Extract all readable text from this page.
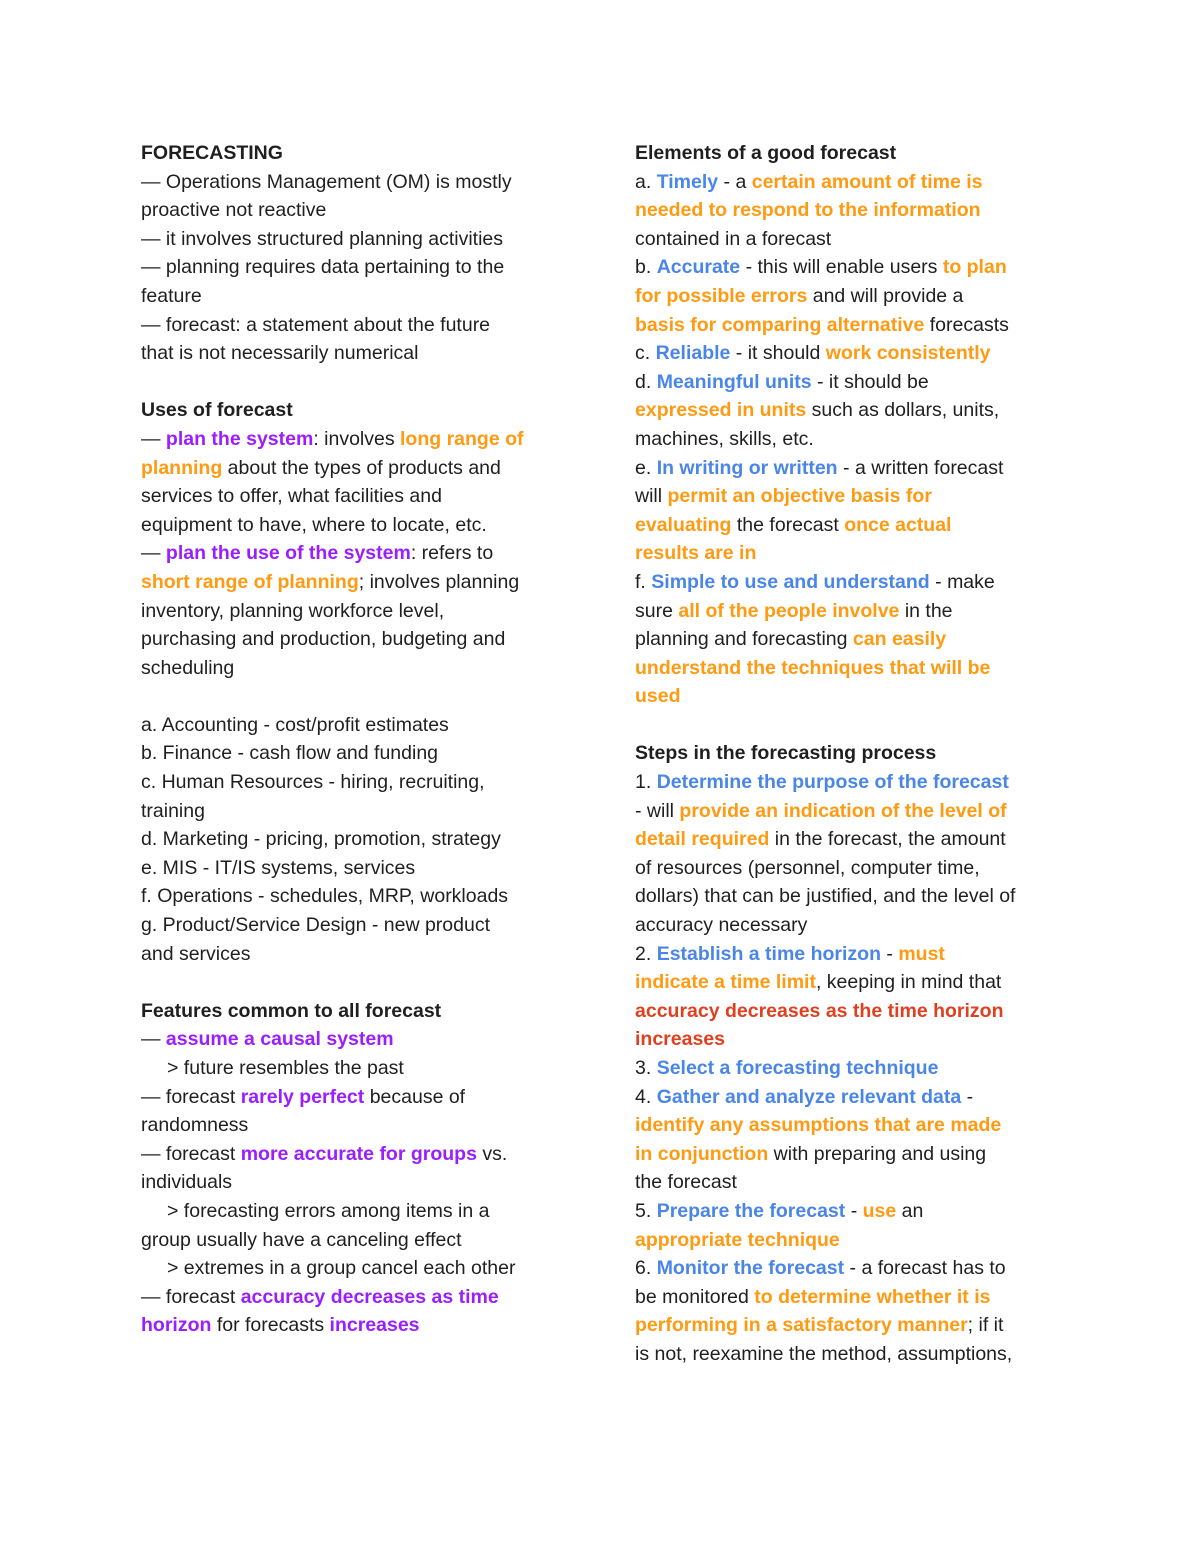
FORECASTING

— Operations Management (OM) is mostly

proactive not reactive

— it involves structured planning activities

— planning requires data pertaining to the

feature

— forecast: a statement about the future

that is not necessarily numerical

Uses of forecast

— plan the system: involves long range of

planning about the types of products and

services to offer, what facilities and

equipment to have, where to locate, etc.

— plan the use of the system: refers to

short range of planning; involves planning

inventory, planning workforce level,

purchasing and production, budgeting and

scheduling

a. Accounting - cost/profit estimates

b. Finance - cash flow and funding

c. Human Resources - hiring, recruiting,

training

d. Marketing - pricing, promotion, strategy

e. MIS - IT/IS systems, services

f. Operations - schedules, MRP, workloads

g. Product/Service Design - new product

and services

Features common to all forecast

— assume a causal system

> future resembles the past

— forecast rarely perfect because of

randomness

— forecast more accurate for groups vs.

individuals

> forecasting errors among items in a

group usually have a canceling effect

> extremes in a group cancel each other

— forecast accuracy decreases as time

horizon for forecasts increases

Elements of a good forecast

a. Timely - a certain amount of time is

needed to respond to the information

contained in a forecast

b. Accurate - this will enable users to plan

for possible errors and will provide a

basis for comparing alternative forecasts

c. Reliable - it should work consistently

d. Meaningful units - it should be

expressed in units such as dollars, units,

machines, skills, etc.

e. In writing or written - a written forecast

will permit an objective basis for

evaluating the forecast once actual

results are in

f. Simple to use and understand - make

sure all of the people involve in the

planning and forecasting can easily

understand the techniques that will be

used

Steps in the forecasting process

1. Determine the purpose of the forecast

- will provide an indication of the level of

detail required in the forecast, the amount

of resources (personnel, computer time,

dollars) that can be justified, and the level of

accuracy necessary

2. Establish a time horizon - must

indicate a time limit, keeping in mind that

accuracy decreases as the time horizon

increases

3. Select a forecasting technique

4. Gather and analyze relevant data -

identify any assumptions that are made

in conjunction with preparing and using

the forecast

5. Prepare the forecast - use an

appropriate technique

6. Monitor the forecast - a forecast has to

be monitored to determine whether it is

performing in a satisfactory manner; if it

is not, reexamine the method, assumptions,
